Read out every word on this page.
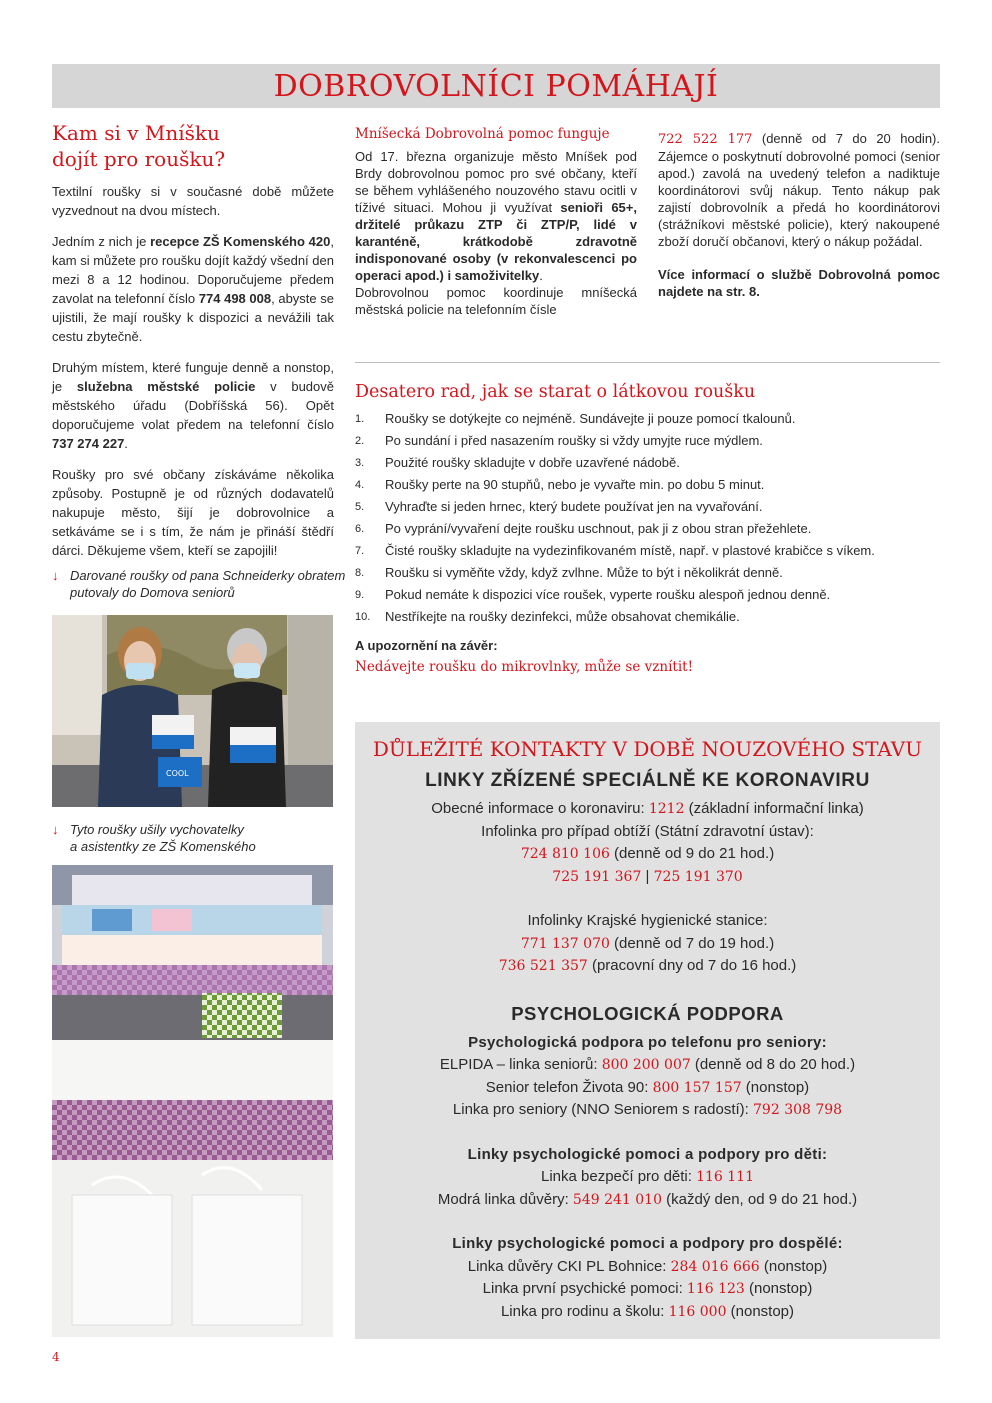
DOBROVOLNÍCI POMÁHAJÍ
Kam si v Mníšku
dojít pro roušku?

Textilní roušky si v současné době můžete vyzvednout na dvou místech.

Jedním z nich je recepce ZŠ Komenského 420, kam si můžete pro roušku dojít každý všední den mezi 8 a 12 hodinou. Doporučujeme předem zavolat na telefonní číslo 774 498 008, abyste se ujistili, že mají roušky k dispozici a nevážili tak cestu zbytečně.

Druhým místem, které funguje denně a nonstop, je služebna městské policie v budově městského úřadu (Dobříšská 56). Opět doporučujeme volat předem na telefonní číslo 737 274 227.

Roušky pro své občany získáváme několika způsoby. Postupně je od různých dodavatelů nakupuje město, šijí je dobrovolnice a setkáváme se i s tím, že nám je přináší štědří dárci. Děkujeme všem, kteří se zapojili!

↓ Darované roušky od pana Schneiderky obratem putovaly do Domova seniorů
COOL
↓ Tyto roušky ušily vychovatelky
a asistentky ze ZŠ Komenského
Mníšecká Dobrovolná pomoc funguje

Od 17. března organizuje město Mníšek pod Brdy dobrovolnou pomoc pro své občany, kteří se během vyhlášeného nouzového stavu ocitli v tíživé situaci. Mohou ji využívat senioři 65+, držitelé průkazu ZTP či ZTP/P, lidé v karanténě, krátkodobě zdravotně indisponované osoby (v rekonvalescenci po operaci apod.) i samoživitelky.

Dobrovolnou pomoc koordinuje mníšecká městská policie na telefonním čísle

722 522 177 (denně od 7 do 20 hodin). Zájemce o poskytnutí dobrovolné pomoci (senior apod.) zavolá na uvedený telefon a nadiktuje koordinátorovi svůj nákup. Tento nákup pak zajistí dobrovolník a předá ho koordinátorovi (strážníkovi městské policie), který nakoupené zboží doručí občanovi, který o nákup požádal.

Více informací o službě Dobrovolná pomoc najdete na str. 8.

Desatero rad, jak se starat o látkovou roušku
1. Roušky se dotýkejte co nejméně. Sundávejte ji pouze pomocí tkalounů.
2. Po sundání i před nasazením roušky si vždy umyjte ruce mýdlem.
3. Použité roušky skladujte v dobře uzavřené nádobě.
4. Roušky perte na 90 stupňů, nebo je vyvařte min. po dobu 5 minut.
5. Vyhraďte si jeden hrnec, který budete používat jen na vyvařování.
6. Po vyprání/vyvaření dejte roušku uschnout, pak ji z obou stran přežehlete.
7. Čisté roušky skladujte na vydezinfikovaném místě, např. v plastové krabičce s víkem.
8. Roušku si vyměňte vždy, když zvlhne. Může to být i několikrát denně.
9. Pokud nemáte k dispozici více roušek, vyperte roušku alespoň jednou denně.
10. Nestříkejte na roušky dezinfekci, může obsahovat chemikálie.

A upozornění na závěr:

Nedávejte roušku do mikrovlnky, může se vznítit!

DŮLEŽITÉ KONTAKTY V DOBĚ NOUZOVÉHO STAVU
LINKY ZŘÍZENÉ SPECIÁLNĚ KE KORONAVIRU
Obecné informace o koronaviru: 1212 (základní informační linka)
Infolinka pro případ obtíží (Státní zdravotní ústav):
724 810 106 (denně od 9 do 21 hod.)
725 191 367 | 725 191 370
Infolinky Krajské hygienické stanice:
771 137 070 (denně od 7 do 19 hod.)
736 521 357 (pracovní dny od 7 do 16 hod.)
PSYCHOLOGICKÁ PODPORA
Psychologická podpora po telefonu pro seniory:
ELPIDA – linka seniorů: 800 200 007 (denně od 8 do 20 hod.)
Senior telefon Života 90: 800 157 157 (nonstop)
Linka pro seniory (NNO Seniorem s radostí): 792 308 798
Linky psychologické pomoci a podpory pro děti:
Linka bezpečí pro děti: 116 111
Modrá linka důvěry: 549 241 010 (každý den, od 9 do 21 hod.)
Linky psychologické pomoci a podpory pro dospělé:
Linka důvěry CKI PL Bohnice: 284 016 666 (nonstop)
Linka první psychické pomoci: 116 123 (nonstop)
Linka pro rodinu a školu: 116 000 (nonstop)
4
